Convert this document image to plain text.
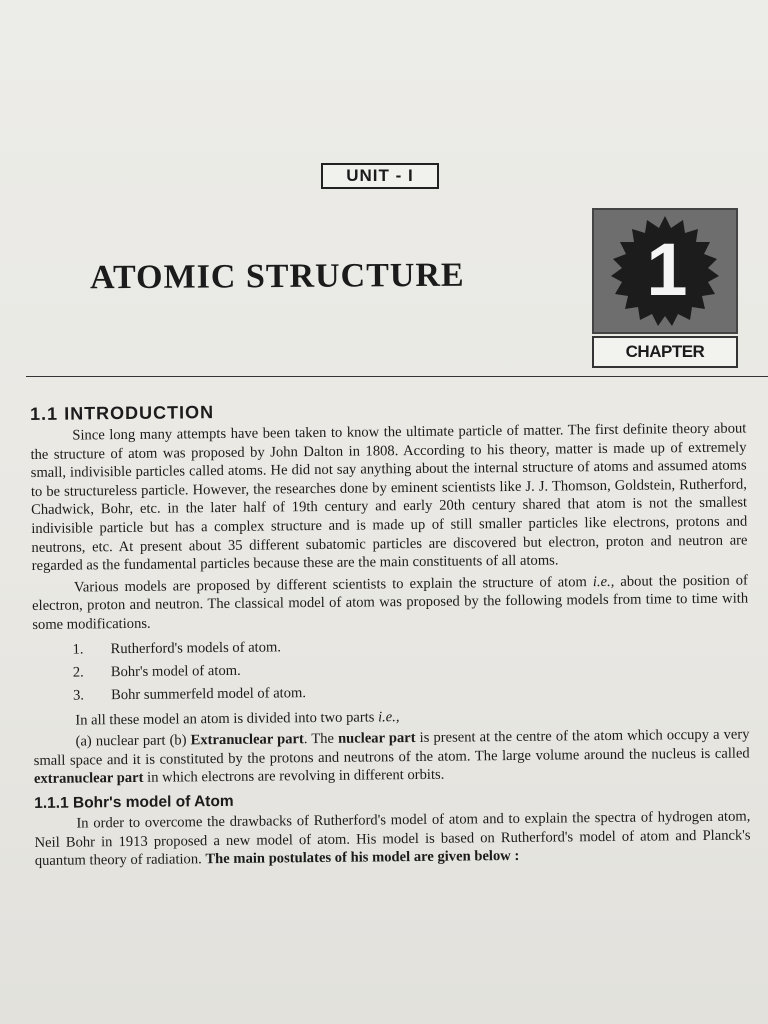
UNIT - I
ATOMIC STRUCTURE	1
CHAPTER
1.1 INTRODUCTION

Since long many attempts have been taken to know the ultimate particle of matter. The first definite theory about the structure of atom was proposed by John Dalton in 1808. According to his theory, matter is made up of extremely small, indivisible particles called atoms. He did not say anything about the internal structure of atoms and assumed atoms to be structureless particle. However, the researches done by eminent scientists like J. J. Thomson, Goldstein, Rutherford, Chadwick, Bohr, etc. in the later half of 19th century and early 20th century shared that atom is not the smallest indivisible particle but has a complex structure and is made up of still smaller particles like electrons, protons and neutrons, etc. At present about 35 different subatomic particles are discovered but electron, proton and neutron are regarded as the fundamental particles because these are the main constituents of all atoms.

Various models are proposed by different scientists to explain the structure of atom i.e., about the position of electron, proton and neutron. The classical model of atom was proposed by the following models from time to time with some modifications.

1. Rutherford's models of atom.
2. Bohr's model of atom.
3. Bohr summerfeld model of atom.

In all these model an atom is divided into two parts i.e.,

(a) nuclear part (b) Extranuclear part. The nuclear part is present at the centre of the atom which occupy a very small space and it is constituted by the protons and neutrons of the atom. The large volume around the nucleus is called extranuclear part in which electrons are revolving in different orbits.

1.1.1 Bohr's model of Atom

In order to overcome the drawbacks of Rutherford's model of atom and to explain the spectra of hydrogen atom, Neil Bohr in 1913 proposed a new model of atom. His model is based on Rutherford's model of atom and Planck's quantum theory of radiation. The main postulates of his model are given below :
